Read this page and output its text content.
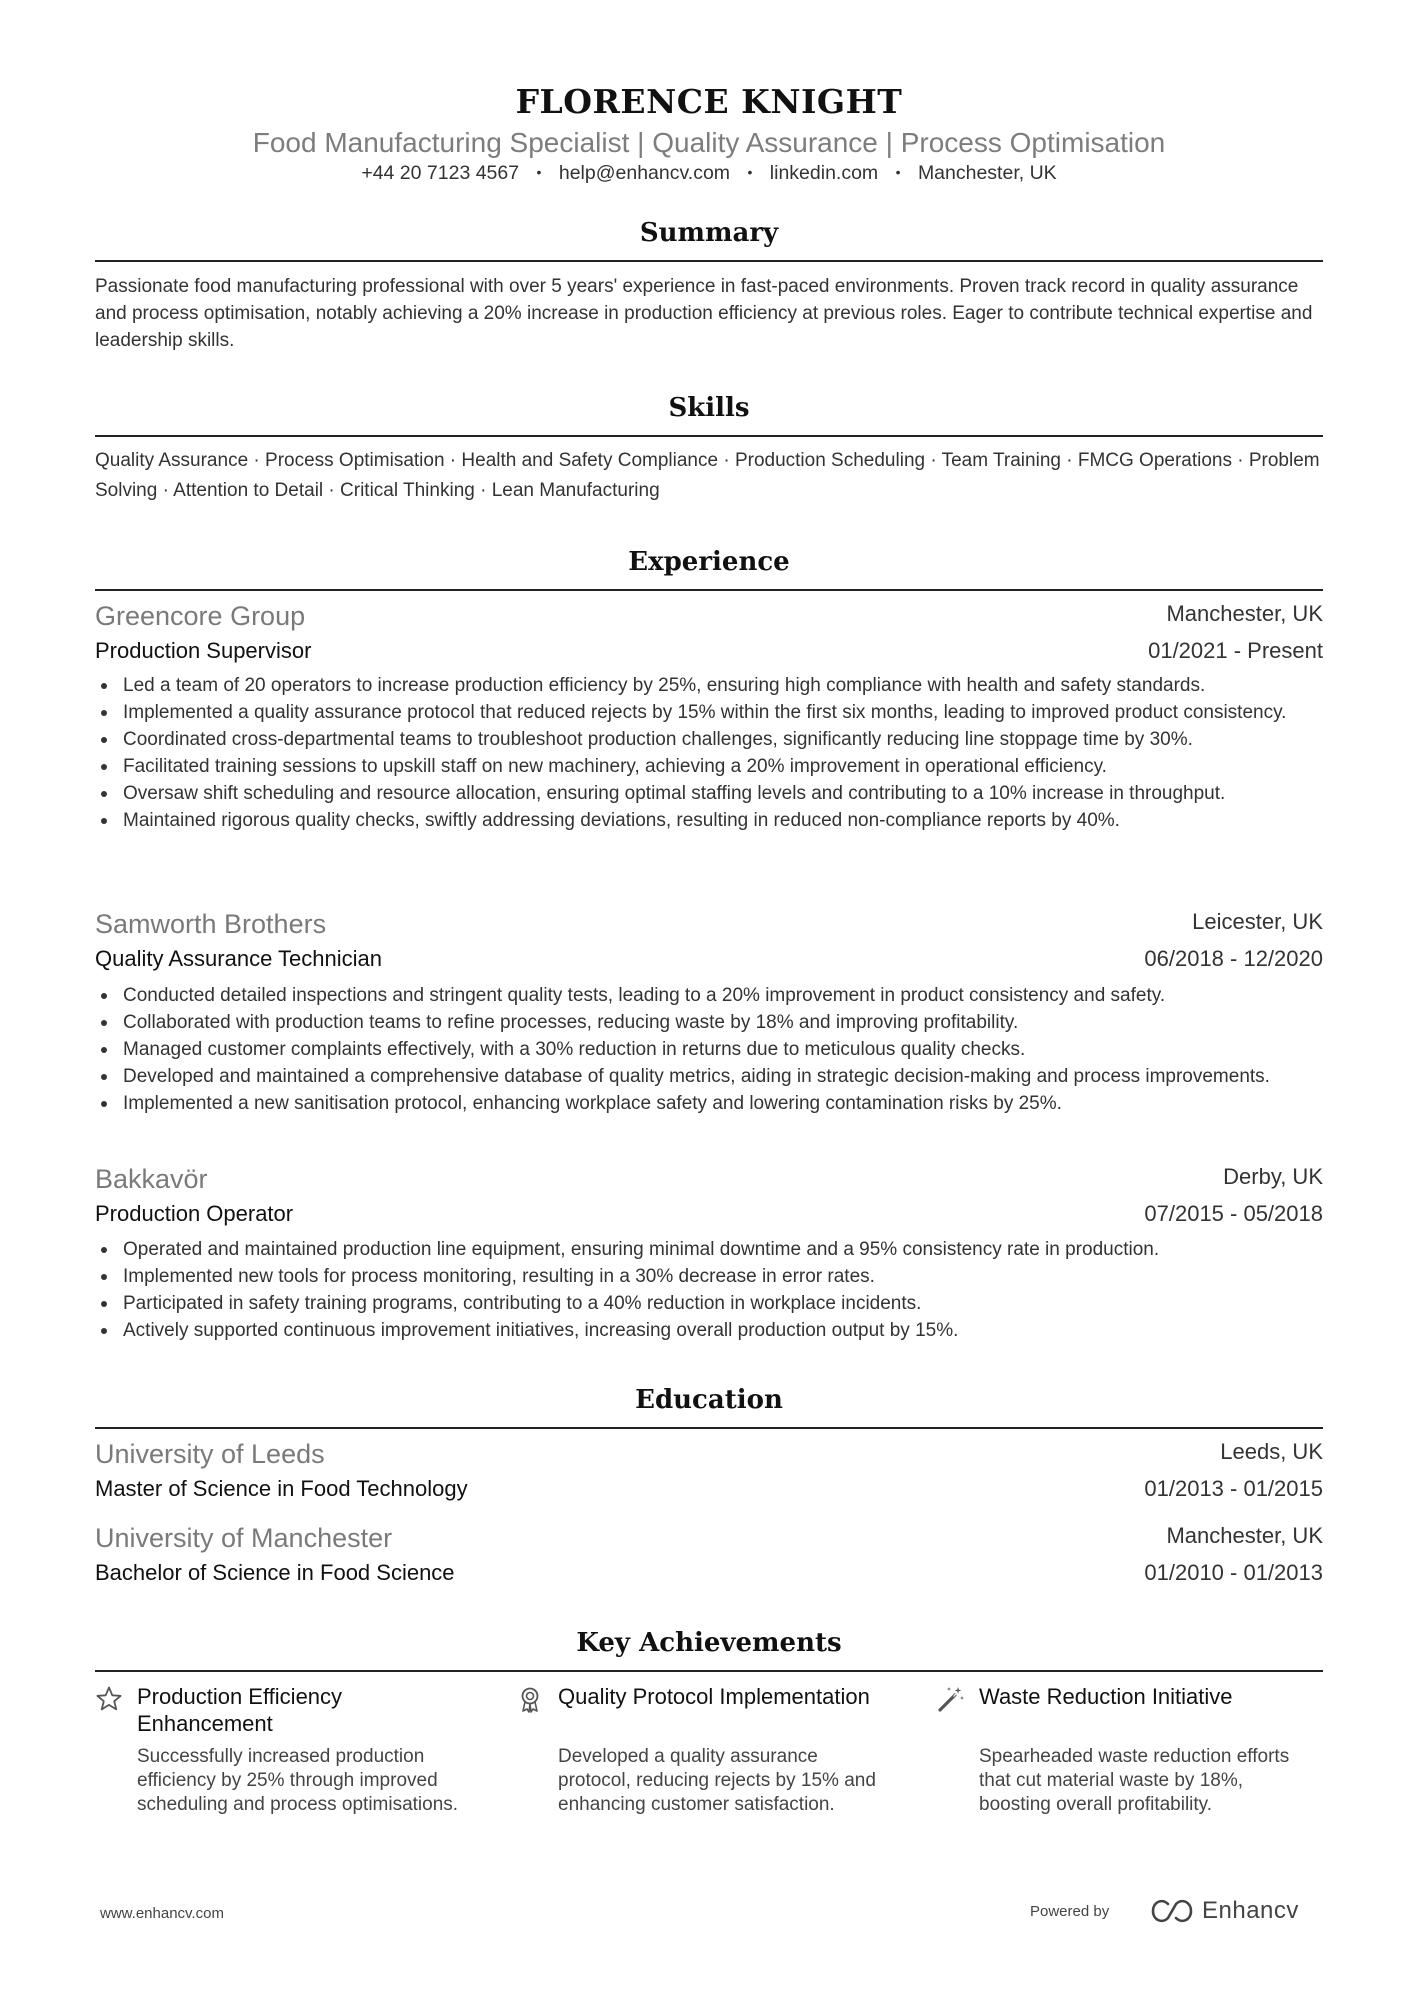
FLORENCE KNIGHT
Food Manufacturing Specialist | Quality Assurance | Process Optimisation
+44 20 7123 4567 • help@enhancv.com • linkedin.com • Manchester, UK
Summary
Passionate food manufacturing professional with over 5 years' experience in fast-paced environments. Proven track record in quality assurance and process optimisation, notably achieving a 20% increase in production efficiency at previous roles. Eager to contribute technical expertise and leadership skills.
Skills
Quality Assurance · Process Optimisation · Health and Safety Compliance · Production Scheduling · Team Training · FMCG Operations · Problem Solving · Attention to Detail · Critical Thinking · Lean Manufacturing
Experience
Greencore Group	Manchester, UK
Production Supervisor	01/2021 - Present
Led a team of 20 operators to increase production efficiency by 25%, ensuring high compliance with health and safety standards.
Implemented a quality assurance protocol that reduced rejects by 15% within the first six months, leading to improved product consistency.
Coordinated cross-departmental teams to troubleshoot production challenges, significantly reducing line stoppage time by 30%.
Facilitated training sessions to upskill staff on new machinery, achieving a 20% improvement in operational efficiency.
Oversaw shift scheduling and resource allocation, ensuring optimal staffing levels and contributing to a 10% increase in throughput.
Maintained rigorous quality checks, swiftly addressing deviations, resulting in reduced non-compliance reports by 40%.
Samworth Brothers	Leicester, UK
Quality Assurance Technician	06/2018 - 12/2020
Conducted detailed inspections and stringent quality tests, leading to a 20% improvement in product consistency and safety.
Collaborated with production teams to refine processes, reducing waste by 18% and improving profitability.
Managed customer complaints effectively, with a 30% reduction in returns due to meticulous quality checks.
Developed and maintained a comprehensive database of quality metrics, aiding in strategic decision-making and process improvements.
Implemented a new sanitisation protocol, enhancing workplace safety and lowering contamination risks by 25%.
Bakkavör	Derby, UK
Production Operator	07/2015 - 05/2018
Operated and maintained production line equipment, ensuring minimal downtime and a 95% consistency rate in production.
Implemented new tools for process monitoring, resulting in a 30% decrease in error rates.
Participated in safety training programs, contributing to a 40% reduction in workplace incidents.
Actively supported continuous improvement initiatives, increasing overall production output by 15%.
Education
University of Leeds	Leeds, UK
Master of Science in Food Technology	01/2013 - 01/2015
University of Manchester	Manchester, UK
Bachelor of Science in Food Science	01/2010 - 01/2013
Key Achievements
Production Efficiency Enhancement
Successfully increased production efficiency by 25% through improved scheduling and process optimisations.
Quality Protocol Implementation
Developed a quality assurance protocol, reducing rejects by 15% and enhancing customer satisfaction.
Waste Reduction Initiative
Spearheaded waste reduction efforts that cut material waste by 18%, boosting overall profitability.
www.enhancv.com	Powered by	Enhancv
